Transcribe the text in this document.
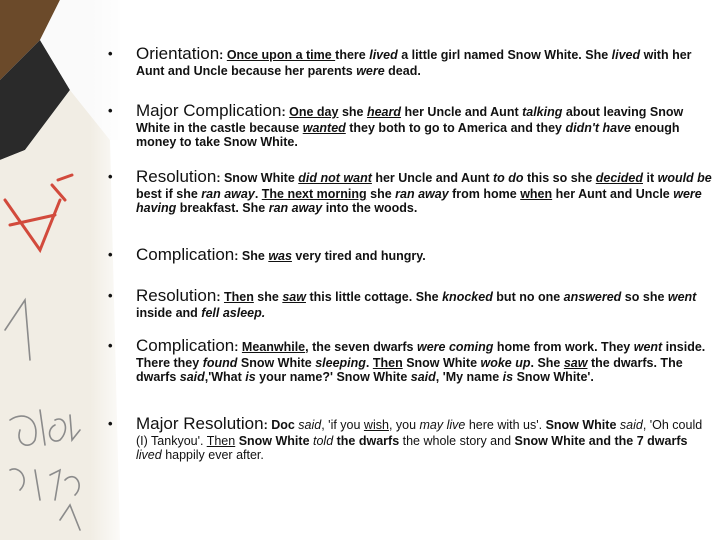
• Orientation: Once upon a time there lived a little girl named Snow White. She lived with her Aunt and Uncle because her parents were dead.
• Major Complication: One day she heard her Uncle and Aunt talking about leaving Snow White in the castle because wanted they both to go to America and they didn't have enough money to take Snow White.
• Resolution: Snow White did not want her Uncle and Aunt to do this so she decided it would be best if she ran away. The next morning she ran away from home when her Aunt and Uncle were having breakfast. She ran away into the woods.
• Complication: She was very tired and hungry.
• Resolution: Then she saw this little cottage. She knocked but no one answered so she went inside and fell asleep.
• Complication: Meanwhile, the seven dwarfs were coming home from work. They went inside. There they found Snow White sleeping. Then Snow White woke up. She saw the dwarfs. The dwarfs said,'What is your name?' Snow White said, 'My name is Snow White'.
• Major Resolution: Doc said, 'if you wish, you may live here with us'. Snow White said, 'Oh could (I) Tankyou'. Then Snow White told the dwarfs the whole story and Snow White and the 7 dwarfs lived happily ever after.
